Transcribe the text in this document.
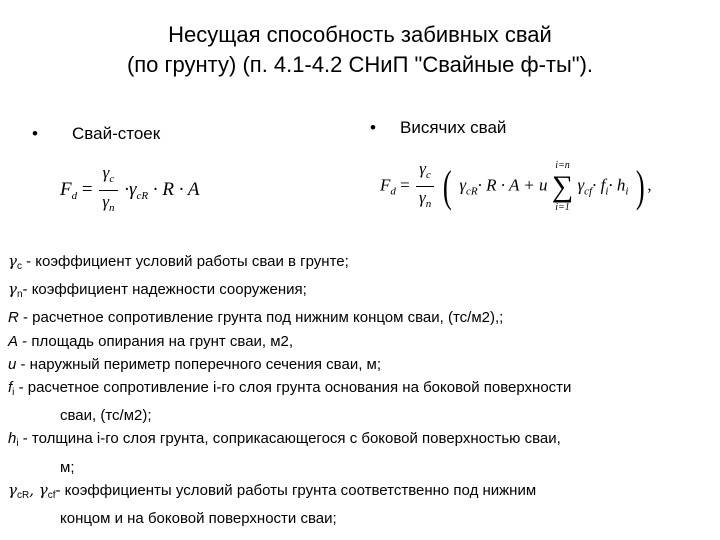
Несущая способность забивных свай
(по грунту) (п. 4.1-4.2 СНиП "Свайные ф-ты").
• Свай-стоек	• Висячих свай
$F_d = \frac{\gamma_c}{\gamma_n} \cdot\gamma_{cR} \cdot R \cdot A$	$F_d = \frac{\gamma_c}{\gamma_n}$ ( $\gamma_{cR}\cdot R \cdot A + u$
i=n
∑
i=1
$\gamma_{cf}\cdot f_i\cdot h_i$ ) ,
$\gamma_c$ - коэффициент условий работы сваи в грунте;
$\gamma_n-$ коэффициент надежности сооружения;
R - расчетное сопротивление грунта под нижним концом сваи, (тс/м2),;
A - площадь опирания на грунт сваи, м2,
u - наружный периметр поперечного сечения сваи, м;
$f_i$ - расчетное сопротивление i-го слоя грунта основания на боковой поверхности
сваи, (тс/м2);
$h_i$ - толщина i-го слоя грунта, соприкасающегося с боковой поверхностью сваи,
м;
$\gamma_{cR}$, $\gamma_{cf}-$ коэффициенты условий работы грунта соответственно под нижним
концом и на боковой поверхности сваи;
